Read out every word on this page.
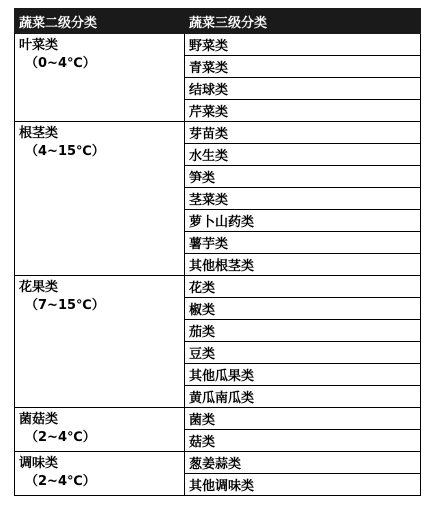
蔬菜二级分类	蔬菜三级分类

叶菜类
（0~4℃）	野菜类
	青菜类
	结球类
	芹菜类

根茎类
（4~15℃）	芽苗类
	水生类
	笋类
	茎菜类
	萝卜山药类
	薯芋类
	其他根茎类

花果类
（7~15℃）	花类
	椒类
	茄类
	豆类
	其他瓜果类
	黄瓜南瓜类

菌菇类
（2~4℃）	菌类
	菇类

调味类
（2~4℃）	葱姜蒜类
	其他调味类
